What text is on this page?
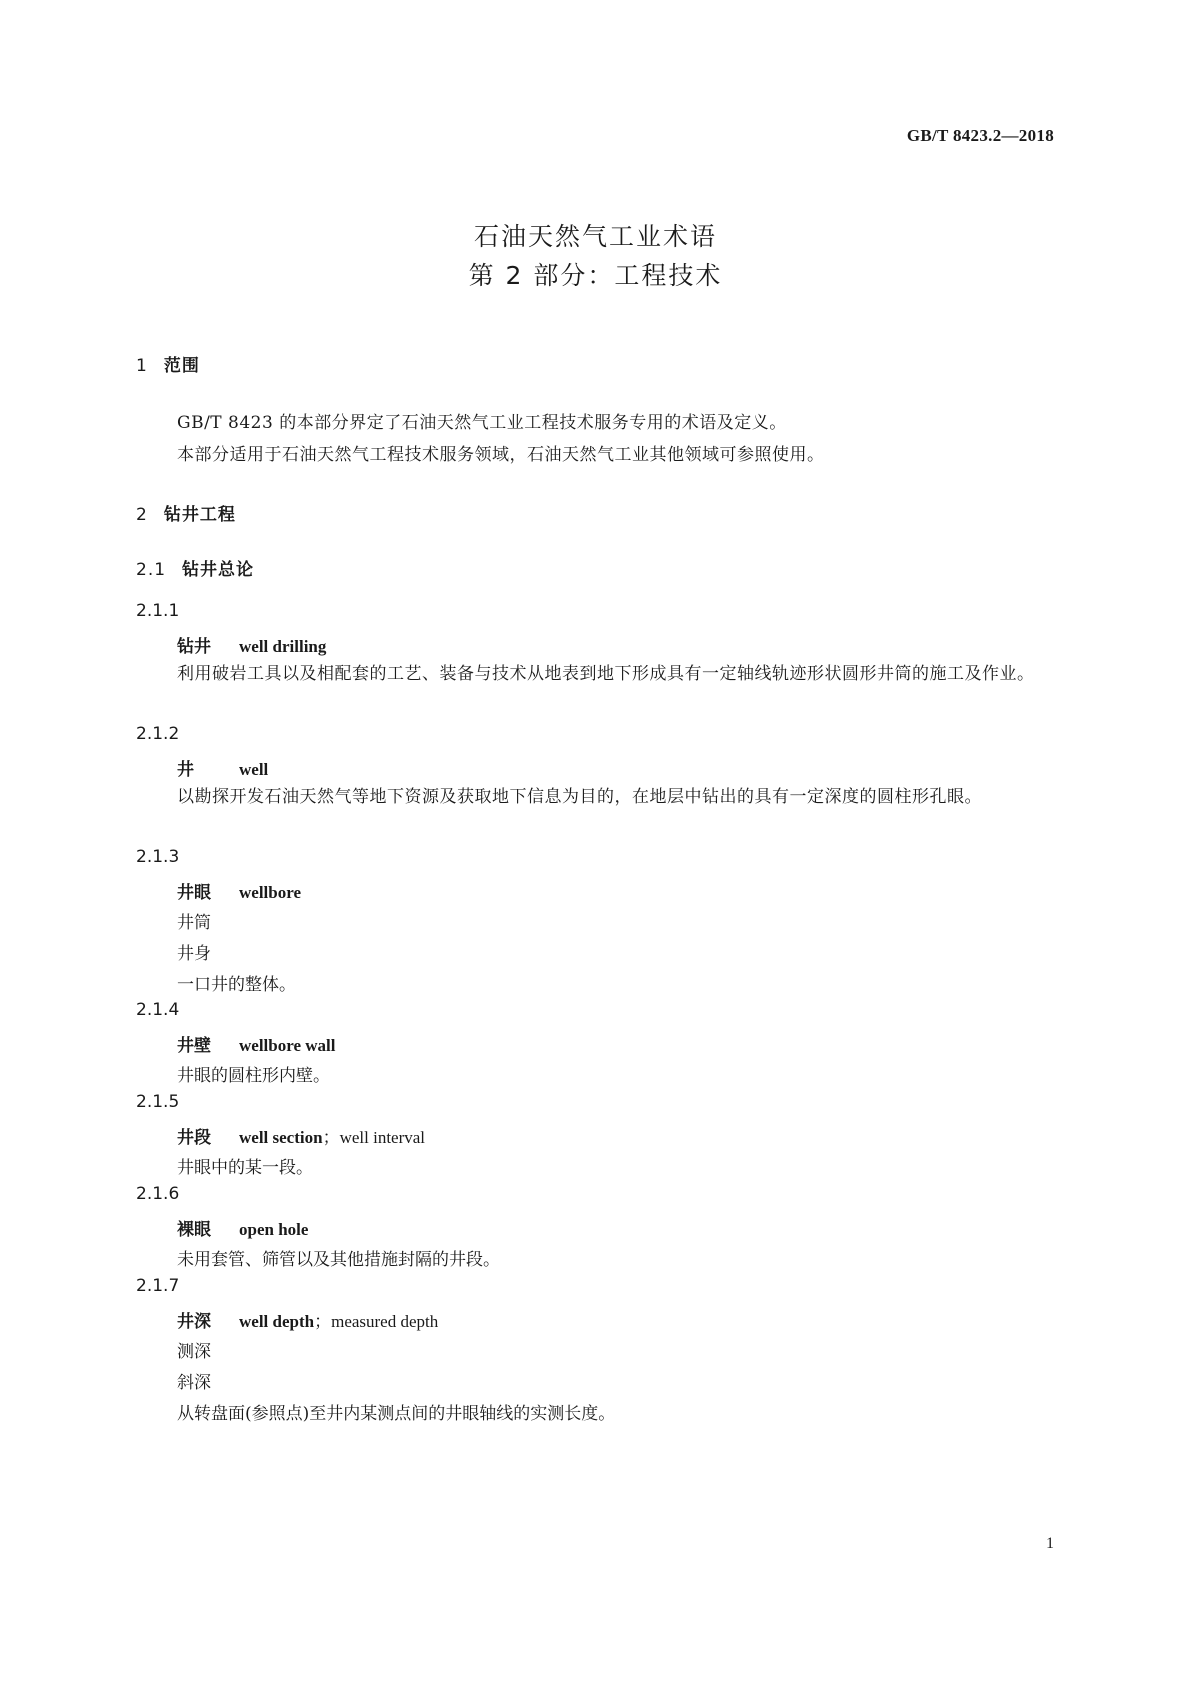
GB/T 8423.2—2018
石油天然气工业术语
第 2 部分：工程技术
1 范围
GB/T 8423 的本部分界定了石油天然气工业工程技术服务专用的术语及定义。
本部分适用于石油天然气工程技术服务领域，石油天然气工业其他领域可参照使用。
2 钻井工程
2.1 钻井总论
2.1.1
钻井 well drilling
利用破岩工具以及相配套的工艺、装备与技术从地表到地下形成具有一定轴线轨迹形状圆形井筒的施工及作业。
2.1.2
井	well
以勘探开发石油天然气等地下资源及获取地下信息为目的，在地层中钻出的具有一定深度的圆柱形孔眼。
2.1.3
井眼 wellbore
井筒
井身
一口井的整体。
2.1.4
井壁 wellbore wall
井眼的圆柱形内壁。
2.1.5
井段 well section；well interval
井眼中的某一段。
2.1.6
裸眼 open hole
未用套管、筛管以及其他措施封隔的井段。
2.1.7
井深 well depth；measured depth
测深
斜深
从转盘面(参照点)至井内某测点间的井眼轴线的实测长度。
1
